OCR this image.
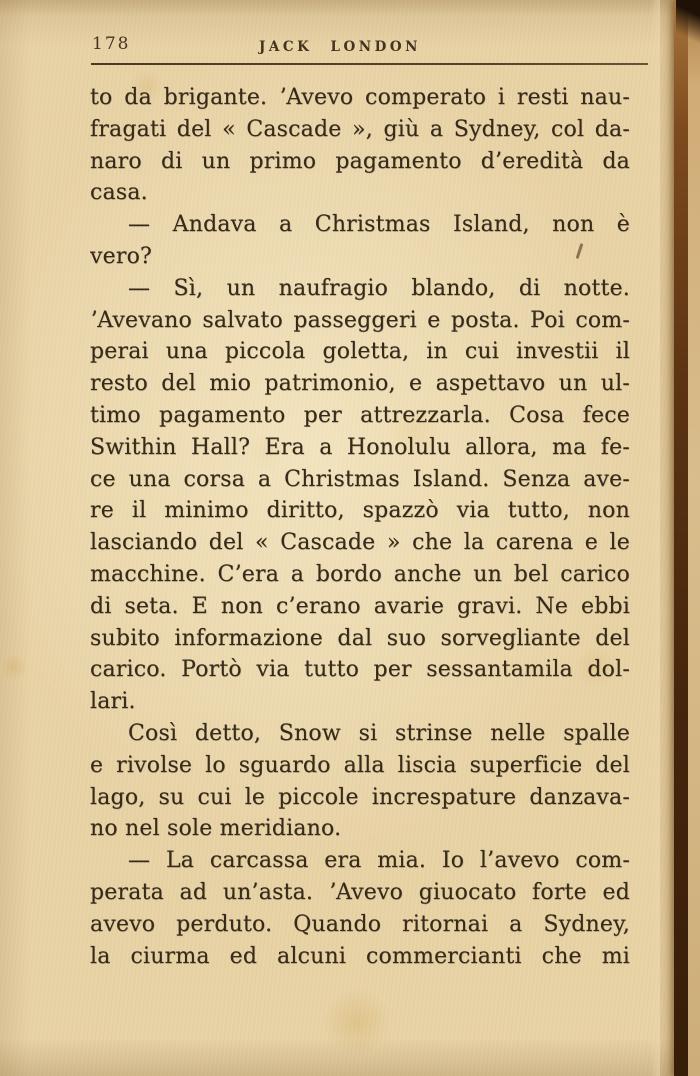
178	JACK LONDON
to da brigante. ʼAvevo comperato i resti nau-
fragati del « Cascade », giù a Sydney, col da-
naro di un primo pagamento d’eredità da
casa.
— Andava a Christmas Island, non è
vero?
— Sì, un naufragio blando, di notte.
ʼAvevano salvato passeggeri e posta. Poi com-
perai una piccola goletta, in cui investii il
resto del mio patrimonio, e aspettavo un ul-
timo pagamento per attrezzarla. Cosa fece
Swithin Hall? Era a Honolulu allora, ma fe-
ce una corsa a Christmas Island. Senza ave-
re il minimo diritto, spazzò via tutto, non
lasciando del « Cascade » che la carena e le
macchine. C’era a bordo anche un bel carico
di seta. E non c’erano avarie gravi. Ne ebbi
subito informazione dal suo sorvegliante del
carico. Portò via tutto per sessantamila dol-
lari.
Così detto, Snow si strinse nelle spalle
e rivolse lo sguardo alla liscia superficie del
lago, su cui le piccole increspature danzava-
no nel sole meridiano.
— La carcassa era mia. Io l’avevo com-
perata ad un’asta. ʼAvevo giuocato forte ed
avevo perduto. Quando ritornai a Sydney,
la ciurma ed alcuni commercianti che mi
